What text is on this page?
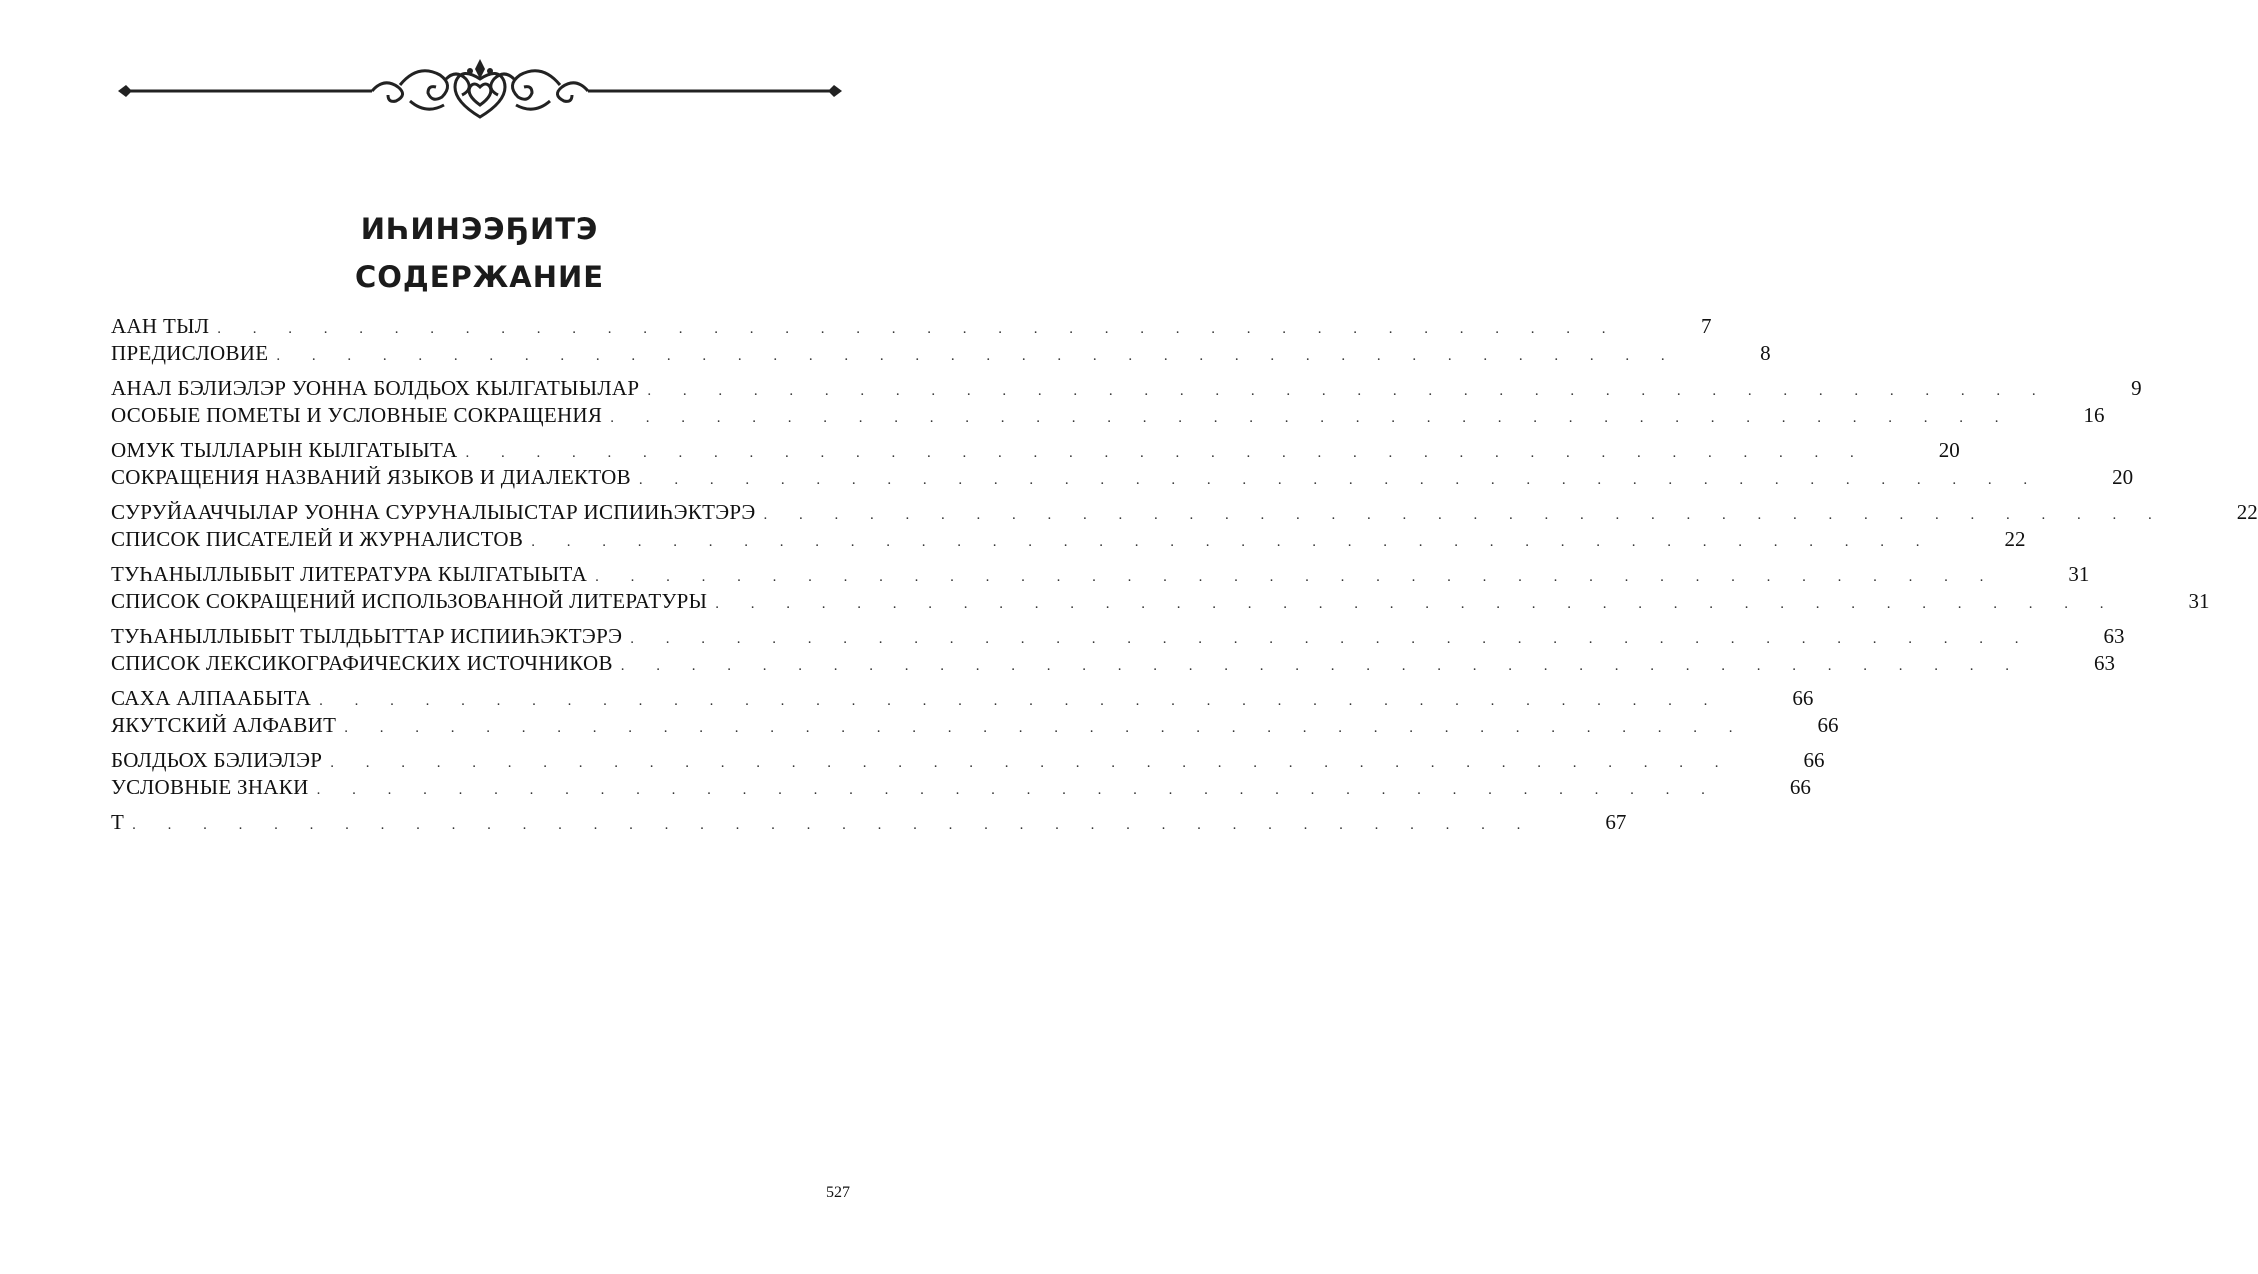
ИҺИНЭЭҔИТЭ
СОДЕРЖАНИЕ
ААН ТЫЛ . . . . . . . . . . . . . . . . . . . . . . . . . . . . . . . . . . . . . . . .	7
ПРЕДИСЛОВИЕ . . . . . . . . . . . . . . . . . . . . . . . . . . . . . . . . . . . . . . . .	8
АНАЛ БЭЛИЭЛЭР УОННА БОЛДЬОХ КЫЛГАТЫЫЛАР . . . . . . . . . . . . . . . . . . . . . . . . . . . . . . . . . . . . . . . .	9
ОСОБЫЕ ПОМЕТЫ И УСЛОВНЫЕ СОКРАЩЕНИЯ . . . . . . . . . . . . . . . . . . . . . . . . . . . . . . . . . . . . . . . .	16
ОМУК ТЫЛЛАРЫН КЫЛГАТЫЫТА . . . . . . . . . . . . . . . . . . . . . . . . . . . . . . . . . . . . . . . .	20
СОКРАЩЕНИЯ НАЗВАНИЙ ЯЗЫКОВ И ДИАЛЕКТОВ . . . . . . . . . . . . . . . . . . . . . . . . . . . . . . . . . . . . . . . .	20
СУРУЙААЧЧЫЛАР УОННА СУРУНАЛЫЫСТАР ИСПИИҺЭКТЭРЭ . . . . . . . . . . . . . . . . . . . . . . . . . . . . . . . . . . . . . . . .	22
СПИСОК ПИСАТЕЛЕЙ И ЖУРНАЛИСТОВ . . . . . . . . . . . . . . . . . . . . . . . . . . . . . . . . . . . . . . . .	22
ТУҺАНЫЛЛЫБЫТ ЛИТЕРАТУРА КЫЛГАТЫЫТА . . . . . . . . . . . . . . . . . . . . . . . . . . . . . . . . . . . . . . . .	31
СПИСОК СОКРАЩЕНИЙ ИСПОЛЬЗОВАННОЙ ЛИТЕРАТУРЫ . . . . . . . . . . . . . . . . . . . . . . . . . . . . . . . . . . . . . . . .	31
ТУҺАНЫЛЛЫБЫТ ТЫЛДЬЫТТАР ИСПИИҺЭКТЭРЭ . . . . . . . . . . . . . . . . . . . . . . . . . . . . . . . . . . . . . . . .	63
СПИСОК ЛЕКСИКОГРАФИЧЕСКИХ ИСТОЧНИКОВ . . . . . . . . . . . . . . . . . . . . . . . . . . . . . . . . . . . . . . . .	63
САХА АЛПААБЫТА . . . . . . . . . . . . . . . . . . . . . . . . . . . . . . . . . . . . . . . .	66
ЯКУТСКИЙ АЛФАВИТ . . . . . . . . . . . . . . . . . . . . . . . . . . . . . . . . . . . . . . . .	66
БОЛДЬОХ БЭЛИЭЛЭР . . . . . . . . . . . . . . . . . . . . . . . . . . . . . . . . . . . . . . . .	66
УСЛОВНЫЕ ЗНАКИ . . . . . . . . . . . . . . . . . . . . . . . . . . . . . . . . . . . . . . . .	66
Т . . . . . . . . . . . . . . . . . . . . . . . . . . . . . . . . . . . . . . . .	67
527
